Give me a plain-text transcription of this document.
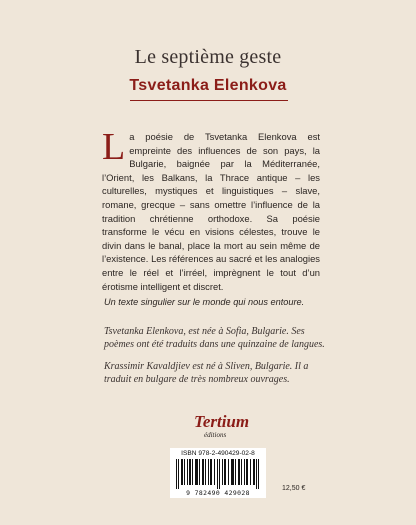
Le septième geste
Tsvetanka Elenkova

La poésie de Tsvetanka Elenkova est empreinte des influences de son pays, la Bulgarie, baignée par la Méditerranée, l’Orient, les Balkans, la Thrace antique – les culturelles, mystiques et linguistiques – slave, romane, grecque – sans omettre l’influence de la tradition chrétienne orthodoxe. Sa poésie transforme le vécu en visions célestes, trouve le divin dans le banal, place la mort au sein même de l’existence. Les références au sacré et les analogies entre le réel et l’irréel, imprègnent le tout d’un érotisme intelligent et discret.

Un texte singulier sur le monde qui nous entoure.

Tsvetanka Elenkova, est née à Sofia, Bulgarie. Ses poèmes ont été traduits dans une quinzaine de langues.

Krassimir Kavaldjiev est né à Sliven, Bulgarie. Il a traduit en bulgare de très nombreux ouvrages.

Tertium
éditions
ISBN 978-2-490429-02-8
9 782490 429028
12,50 €
